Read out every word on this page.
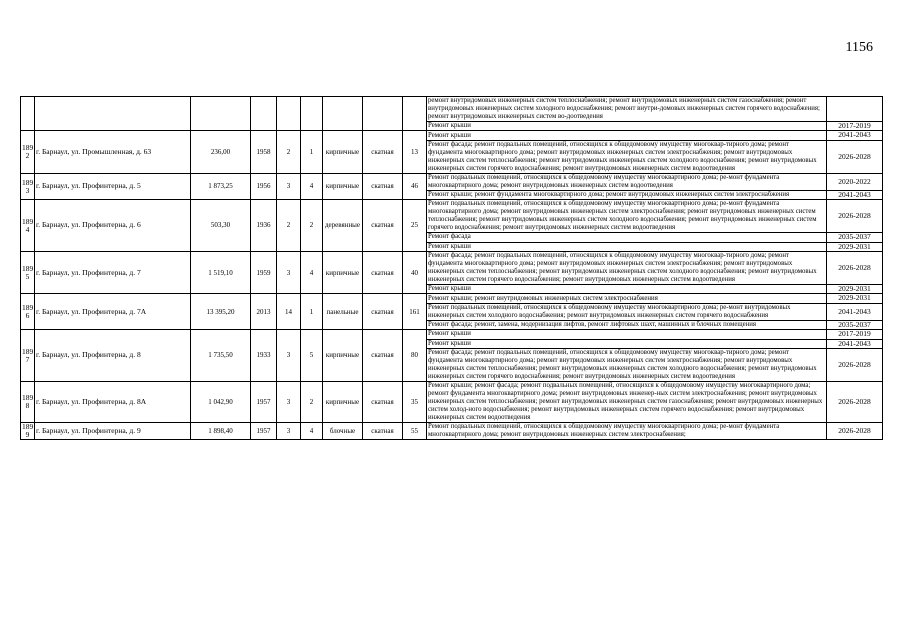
1156
									ремонт внутридомовых инженерных систем теплоснабжения; ремонт внутридомовых инженерных систем газоснабжения; ремонт внутридомовых инженерных систем холодного водоснабжения; ремонт внутри-домовых инженерных систем горячего водоснабжения; ремонт внутридомовых инженерных систем во-доотведения	
									Ремонт крыши	2017-2019

189
2	г. Барнаул, ул. Промышленная, д. 63	236,00	1958	2	1	кирпичные	скатная	13	Ремонт крыши	2041-2043
									Ремонт фасада; ремонт подвальных помещений, относящихся к общедомовому имуществу многоквар-тирного дома; ремонт фундамента многоквартирного дома; ремонт внутридомовых инженерных систем электроснабжения; ремонт внутридомовых инженерных систем теплоснабжения; ремонт внутридомовых инженерных систем холодного водоснабжения; ремонт внутридомовых инженерных систем горячего водоснабжения; ремонт внутридомовых инженерных систем водоотведения	2026-2028

189
3	г. Барнаул, ул. Профинтерна, д. 5	1 873,25	1956	3	4	кирпичные	скатная	46	Ремонт подвальных помещений, относящихся к общедомовому имуществу многоквартирного дома; ре-монт фундамента многоквартирного дома; ремонт внутридомовых инженерных систем водоотведения	2020-2022
									Ремонт крыши; ремонт фундамента многоквартирного дома; ремонт внутридомовых инженерных систем электроснабжения	2041-2043

189
4	г. Барнаул, ул. Профинтерна, д. 6	503,30	1936	2	2	деревянные	скатная	25	Ремонт подвальных помещений, относящихся к общедомовому имуществу многоквартирного дома; ре-монт фундамента многоквартирного дома; ремонт внутридомовых инженерных систем электроснабжения; ремонт внутридомовых инженерных систем теплоснабжения; ремонт внутридомовых инженерных систем холодного водоснабжения; ремонт внутридомовых инженерных систем горячего водоснабжения; ремонт внутридомовых инженерных систем водоотведения	2026-2028
									Ремонт фасада	2035-2037
									Ремонт крыши	2029-2031

189
5	г. Барнаул, ул. Профинтерна, д. 7	1 519,10	1959	3	4	кирпичные	скатная	40	Ремонт фасада; ремонт подвальных помещений, относящихся к общедомовому имуществу многоквар-тирного дома; ремонт фундамента многоквартирного дома; ремонт внутридомовых инженерных систем электроснабжения; ремонт внутридомовых инженерных систем теплоснабжения; ремонт внутридомовых инженерных систем холодного водоснабжения; ремонт внутридомовых инженерных систем горячего водоснабжения; ремонт внутридомовых инженерных систем водоотведения	2026-2028
									Ремонт крыши	2029-2031

189
6	г. Барнаул, ул. Профинтерна, д. 7А	13 395,20	2013	14	1	панельные	скатная	161	Ремонт крыши; ремонт внутридомовых инженерных систем электроснабжения	2029-2031
									Ремонт подвальных помещений, относящихся к общедомовому имуществу многоквартирного дома; ре-монт внутридомовых инженерных систем холодного водоснабжения; ремонт внутридомовых инженерных систем горячего водоснабжения	2041-2043
									Ремонт фасада; ремонт, замена, модернизация лифтов, ремонт лифтовых шахт, машинных и блочных помещения	2035-2037

189
7	г. Барнаул, ул. Профинтерна, д. 8	1 735,50	1933	3	5	кирпичные	скатная	80	Ремонт крыши	2017-2019
									Ремонт крыши	2041-2043
									Ремонт фасада; ремонт подвальных помещений, относящихся к общедомовому имуществу многоквар-тирного дома; ремонт фундамента многоквартирного дома; ремонт внутридомовых инженерных систем электроснабжения; ремонт внутридомовых инженерных систем теплоснабжения; ремонт внутридомовых инженерных систем холодного водоснабжения; ремонт внутридомовых инженерных систем горячего водоснабжения; ремонт внутридомовых инженерных систем водоотведения	2026-2028

189
8	г. Барнаул, ул. Профинтерна, д. 8А	1 042,90	1957	3	2	кирпичные	скатная	35	Ремонт крыши; ремонт фасада; ремонт подвальных помещений, относящихся к общедомовому имуществу многоквартирного дома; ремонт фундамента многоквартирного дома; ремонт внутридомовых инженер-ных систем электроснабжения; ремонт внутридомовых инженерных систем теплоснабжения; ремонт внутридомовых инженерных систем газоснабжения; ремонт внутридомовых инженерных систем холод-ного водоснабжения; ремонт внутридомовых инженерных систем горячего водоснабжения; ремонт внутридомовых инженерных систем водоотведения	2026-2028

189
9	г. Барнаул, ул. Профинтерна, д. 9	1 898,40	1957	3	4	блочные	скатная	55	Ремонт подвальных помещений, относящихся к общедомовому имуществу многоквартирного дома; ре-монт фундамента многоквартирного дома; ремонт внутридомовых инженерных систем электроснабжения;	2026-2028
